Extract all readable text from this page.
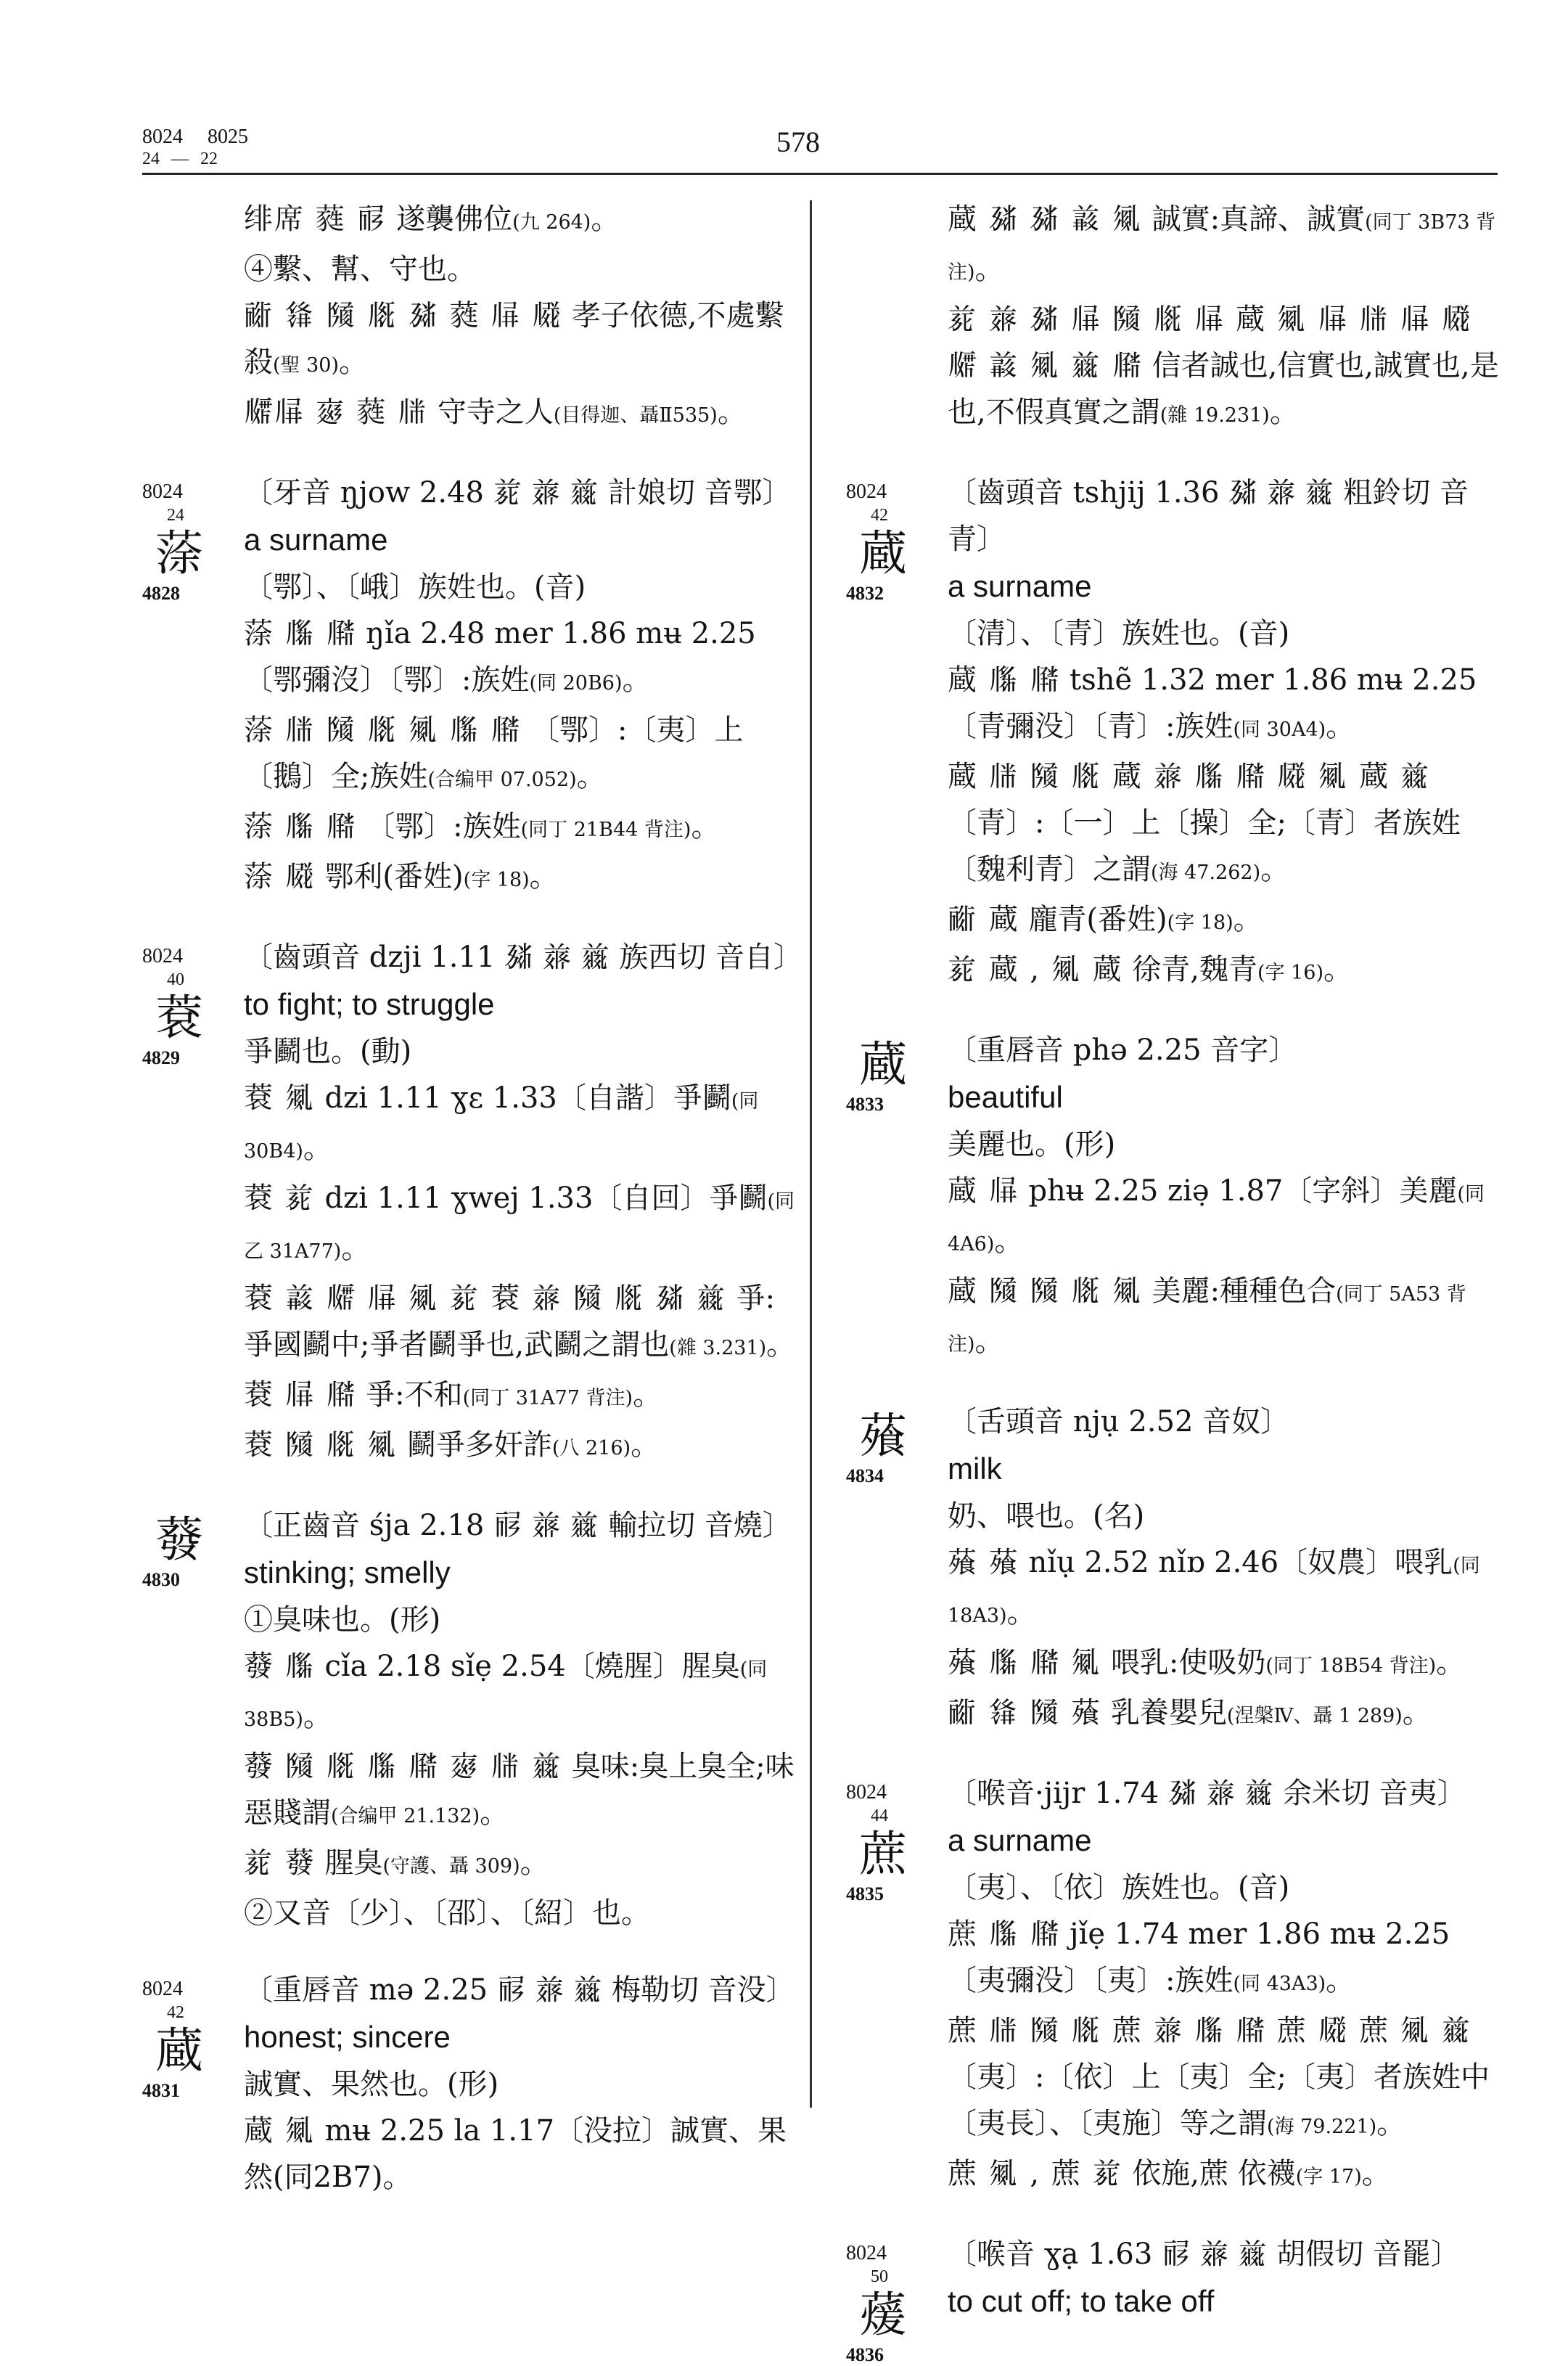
8024 8025
24 — 22
578
绯席 蕤 𗟲 遂襲佛位(九 264)。
④繫、幫、守也。
𗠁 𗌭 𗂧 𗅋 𗉖 蕤 𗅁 𗆧 孝子依德,不處繫殺(聖 30)。
𗆞𗅁 𗇐 蕤 𗄽 守寺之人(目得迦、聶Ⅱ535)。
8024
24
蒤
4828
〔牙音 ŋjow 2.48 𗐱 𗒥 𗔀 計娘切 音鄂〕
a surname
〔鄂〕、〔峨〕族姓也。(音)
蒤 𗅅 𗆖 ŋǐa 2.48 mer 1.86 mʉ 2.25〔鄂彌沒〕〔鄂〕:族姓(同 20B6)。
蒤 𗄽 𗂧 𗅋 𗏇 𗅅 𗆖 〔鄂〕:〔夷〕上〔鵝〕全;族姓(合编甲 07.052)。
蒤 𗅅 𗆖 〔鄂〕:族姓(同丁 21B44 背注)。
蒤 𗆧 鄂利(番姓)(字 18)。
8024
40
蔉
4829
〔齒頭音 dzji 1.11 𗉖 𗒥 𗔀 族西切 音自〕
to fight; to struggle
爭鬬也。(動)
蔉 𗏇 dzi 1.11 ɣɛ 1.33〔自諧〕爭鬬(同 30B4)。
蔉 𗐱 dzi 1.11 ɣwej 1.33〔自回〕爭鬬(同乙 31A77)。
蔉 𗓁 𗆞 𗅁 𗏇 𗐱 蔉 𗒥 𗂧 𗅋 𗉖 𗔀 爭:爭國鬬中;爭者鬬爭也,武鬬之謂也(雜 3.231)。
蔉 𗅁 𗆖 爭:不和(同丁 31A77 背注)。
蔉 𗂧 𗅋 𗏇 鬬爭多奸詐(八 216)。
蕟
4830
〔正齒音 śja 2.18 𗟲 𗒥 𗔀 輸拉切 音燒〕
stinking; smelly
①臭味也。(形)
蕟 𗅅 cǐa 2.18 sǐẹ 2.54〔燒腥〕腥臭(同 38B5)。
蕟 𗂧 𗅋 𗅅 𗆖 𗇐 𗄽 𗔀 臭味:臭上臭全;味惡賤謂(合编甲 21.132)。
𗐱 蕟 腥臭(守護、聶 309)。
②又音〔少〕、〔邵〕、〔紹〕也。
8024
42
蔵
4831
〔重唇音 mə 2.25 𗟲 𗒥 𗔀 梅勒切 音没〕
honest; sincere
誠實、果然也。(形)
蔵 𗏇 mʉ 2.25 la 1.17〔没拉〕誠實、果然(同2B7)。
蔵 𗉖 𗉖 𗓁 𗏇 誠實:真諦、誠實(同丁 3B73 背注)。
𗐱 𗒥 𗉖 𗅁 𗂧 𗅋 𗅁 蔵 𗏇 𗅁 𗄽 𗅁 𗆧 𗆞 𗓁 𗏇 𗔀 𗆖 信者誠也,信實也,誠實也,是也,不假真實之謂(雜 19.231)。
8024
42
蔵
4832
〔齒頭音 tshjij 1.36 𗉖 𗒥 𗔀 粗鈴切 音青〕
a surname
〔清〕、〔青〕族姓也。(音)
蔵 𗅅 𗆖 tshẽ 1.32 mer 1.86 mʉ 2.25〔青彌没〕〔青〕:族姓(同 30A4)。
蔵 𗄽 𗂧 𗅋 蔵 𗒥 𗅅 𗆖 𗆧 𗏇 蔵 𗔀 〔青〕:〔一〕上〔操〕全;〔青〕者族姓〔魏利青〕之謂(海 47.262)。
𗠁 蔵 龐青(番姓)(字 18)。
𗐱 蔵 , 𗏇 蔵 徐青,魏青(字 16)。
蔵
4833
〔重唇音 phə 2.25 音字〕
beautiful
美麗也。(形)
蔵 𗅁 phʉ 2.25 ziə̣ 1.87〔字斜〕美麗(同 4A6)。
蔵 𗂧 𗂧 𗅋 𗏇 美麗:種種色合(同丁 5A53 背注)。
蕵
4834
〔舌頭音 njụ 2.52 音奴〕
milk
奶、喂也。(名)
蕵 蕵 nǐụ 2.52 nǐɒ 2.46〔奴農〕喂乳(同 18A3)。
蕵 𗅅 𗆖 𗏇 喂乳:使吸奶(同丁 18B54 背注)。
𗠁 𗌭 𗂧 蕵 乳養嬰兒(涅槃Ⅳ、聶 1 289)。
8024
44
蔗
4835
〔喉音·jijr 1.74 𗉖 𗒥 𗔀 余米切 音夷〕
a surname
〔夷〕、〔依〕族姓也。(音)
蔗 𗅅 𗆖 jǐẹ 1.74 mer 1.86 mʉ 2.25〔夷彌没〕〔夷〕:族姓(同 43A3)。
蔗 𗄽 𗂧 𗅋 蔗 𗒥 𗅅 𗆖 蔗 𗆧 蔗 𗏇 𗔀 〔夷〕:〔依〕上〔夷〕全;〔夷〕者族姓中〔夷長〕、〔夷施〕等之謂(海 79.221)。
蔗 𗏇 , 蔗 𗐱 依施,蔗 依襪(字 17)。
8024
50
蕿
4836
〔喉音 ɣạ 1.63 𗟲 𗒥 𗔀 胡假切 音罷〕
to cut off; to take off
